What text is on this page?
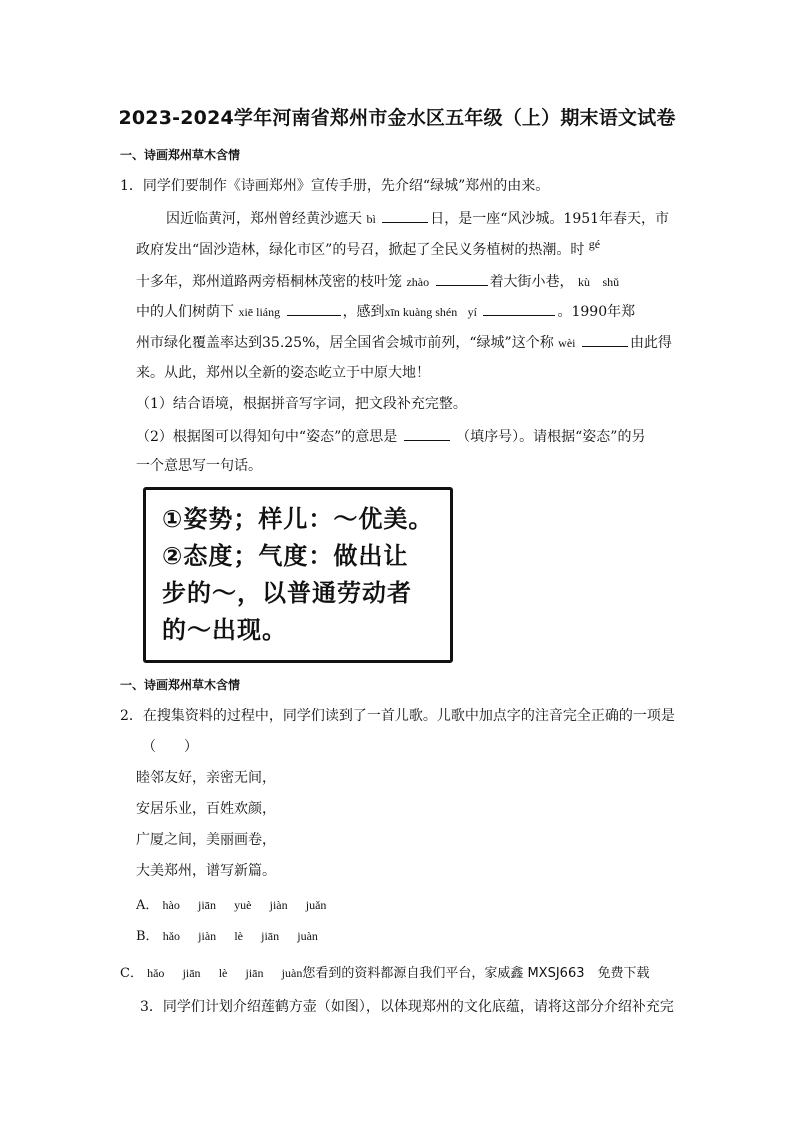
2023-2024学年河南省郑州市金水区五年级（上）期末语文试卷
一、诗画郑州草木含情
1．同学们要制作《诗画郑州》宣传手册，先介绍“绿城”郑州的由来。
因近临黄河，郑州曾经黄沙遮天 bì	日，是一座“风沙城。1951年春天，市
政府发出“固沙造林，绿化市区”的号召，掀起了全民义务植树的热潮。时 gé
十多年，郑州道路两旁梧桐林茂密的枝叶笼 zhào	着大街小巷， kù shǔ
中的人们树荫下 xiē liáng	，感到xīn kuàng shén yí	。1990年郑
州市绿化覆盖率达到35.25%，居全国省会城市前列，“绿城”这个称 wèi	由此得
来。从此，郑州以全新的姿态屹立于中原大地！
（1）结合语境，根据拼音写字词，把文段补充完整。
（2）根据图可以得知句中“姿态”的意思是	（填序号）。请根据“姿态”的另
一个意思写一句话。
①姿势；样儿：～优美。
②态度；气度：做出让
步的～，以普通劳动者
的～出现。
一、诗画郑州草木含情
2．在搜集资料的过程中，同学们读到了一首儿歌。儿歌中加点字的注音完全正确的一项是
（　　）
睦邻友好，亲密无间，
安居乐业，百姓欢颜，
广厦之间，美丽画卷，
大美郑州，谱写新篇。
A． hào jiān yuè jiàn juǎn
B． hǎo jiàn lè jiān juàn
C． hǎo jiān lè jiān juàn您看到的资料都源自我们平台，家威鑫 MXSJ663　免费下载
3．同学们计划介绍莲鹤方壶（如图），以体现郑州的文化底蕴，请将这部分介绍补充完
